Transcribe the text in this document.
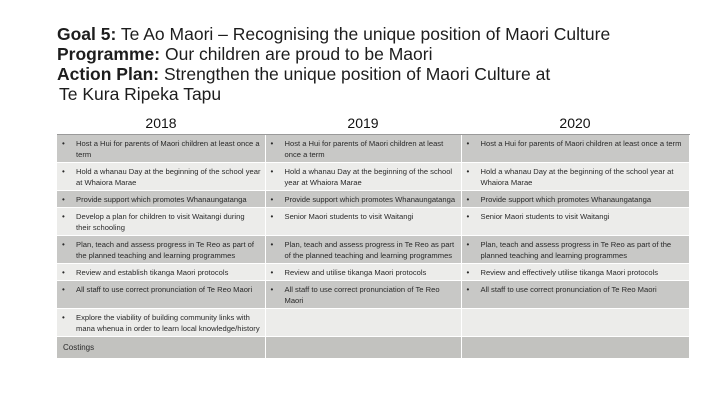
Goal 5: Te Ao Maori – Recognising the unique position of Maori Culture
Programme: Our children are proud to be Maori
Action Plan: Strengthen the unique position of Maori Culture at
Te Kura Ripeka Tapu
2018	2019	2020

• Host a Hui for parents of Maori children at least once a term	• Host a Hui for parents of Maori children at least once a term	• Host a Hui for parents of Maori children at least once a term

• Hold a whanau Day at the beginning of the school year at Whaiora Marae	• Hold a whanau Day at the beginning of the school year at Whaiora Marae	• Hold a whanau Day at the beginning of the school year at Whaiora Marae

• Provide support which promotes Whanaungatanga	• Provide support which promotes Whanaungatanga	• Provide support which promotes Whanaungatanga

• Develop a plan for children to visit Waitangi during their schooling	• Senior Maori students to visit Waitangi	• Senior Maori students to visit Waitangi

• Plan, teach and assess progress in Te Reo as part of the planned teaching and learning programmes	• Plan, teach and assess progress in Te Reo as part of the planned teaching and learning programmes	• Plan, teach and assess progress in Te Reo as part of the planned teaching and learning programmes

• Review and establish tikanga Maori protocols	• Review and utilise tikanga Maori protocols	• Review and effectively utilise tikanga Maori protocols

• All staff to use correct pronunciation of Te Reo Maori	• All staff to use correct pronunciation of Te Reo Maori	• All staff to use correct pronunciation of Te Reo Maori

• Explore the viability of building community links with mana whenua in order to learn local knowledge/history		

Costings		
